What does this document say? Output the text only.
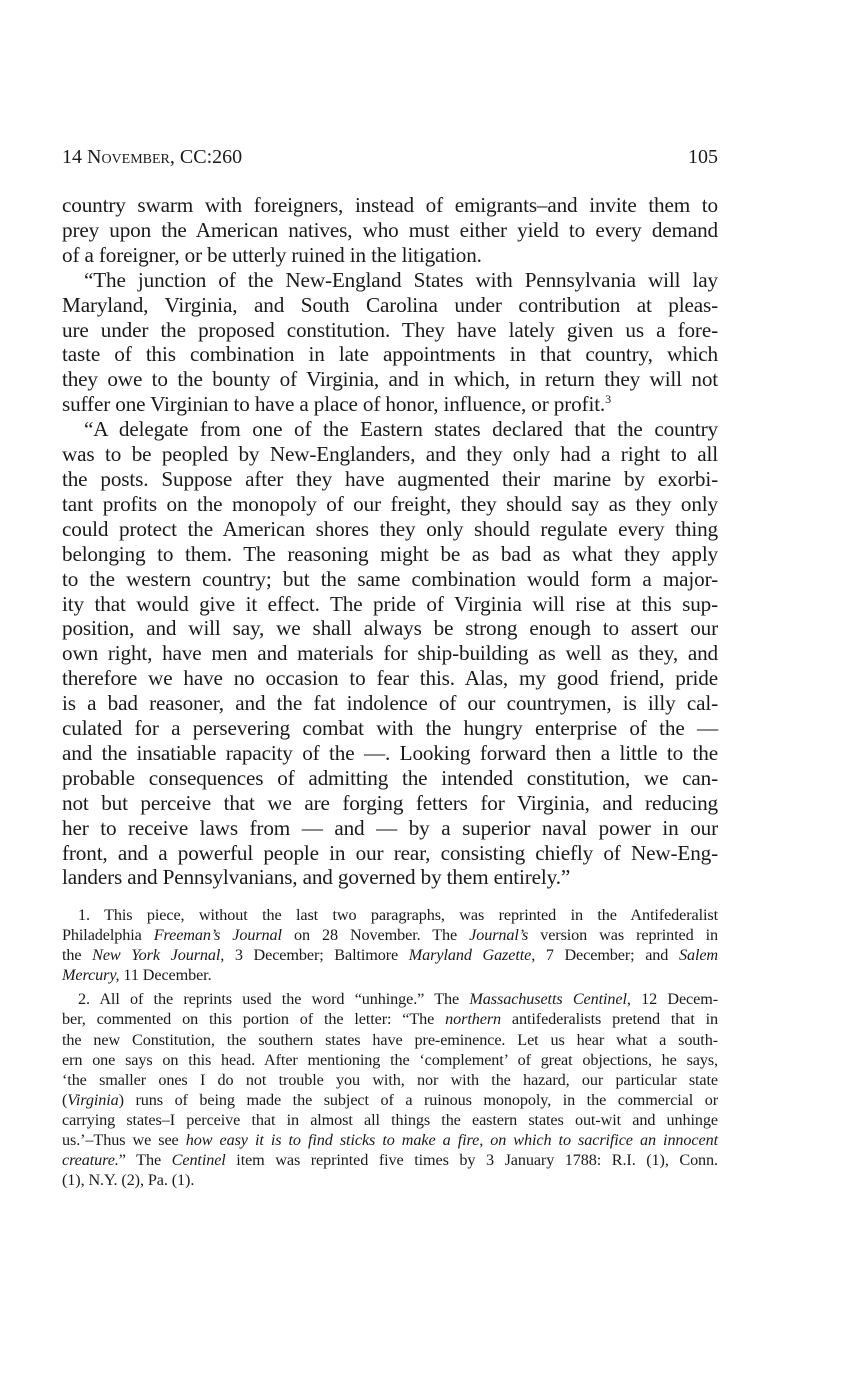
14 November, CC:260	105
country swarm with foreigners, instead of emigrants–and invite them to
prey upon the American natives, who must either yield to every demand
of a foreigner, or be utterly ruined in the litigation.
“The junction of the New-England States with Pennsylvania will lay
Maryland, Virginia, and South Carolina under contribution at pleas-
ure under the proposed constitution. They have lately given us a fore-
taste of this combination in late appointments in that country, which
they owe to the bounty of Virginia, and in which, in return they will not
suffer one Virginian to have a place of honor, influence, or profit.$^3$
“A delegate from one of the Eastern states declared that the country
was to be peopled by New-Englanders, and they only had a right to all
the posts. Suppose after they have augmented their marine by exorbi-
tant profits on the monopoly of our freight, they should say as they only
could protect the American shores they only should regulate every thing
belonging to them. The reasoning might be as bad as what they apply
to the western country; but the same combination would form a major-
ity that would give it effect. The pride of Virginia will rise at this sup-
position, and will say, we shall always be strong enough to assert our
own right, have men and materials for ship-building as well as they, and
therefore we have no occasion to fear this. Alas, my good friend, pride
is a bad reasoner, and the fat indolence of our countrymen, is illy cal-
culated for a persevering combat with the hungry enterprise of the —
and the insatiable rapacity of the —. Looking forward then a little to the
probable consequences of admitting the intended constitution, we can-
not but perceive that we are forging fetters for Virginia, and reducing
her to receive laws from — and — by a superior naval power in our
front, and a powerful people in our rear, consisting chiefly of New-Eng-
landers and Pennsylvanians, and governed by them entirely.”
1. This piece, without the last two paragraphs, was reprinted in the Antifederalist
Philadelphia Freeman’s Journal on 28 November. The Journal’s version was reprinted in
the New York Journal, 3 December; Baltimore Maryland Gazette, 7 December; and Salem
Mercury, 11 December.
2. All of the reprints used the word “unhinge.” The Massachusetts Centinel, 12 Decem-
ber, commented on this portion of the letter: “The northern antifederalists pretend that in
the new Constitution, the southern states have pre-eminence. Let us hear what a south-
ern one says on this head. After mentioning the ‘complement’ of great objections, he says,
‘the smaller ones I do not trouble you with, nor with the hazard, our particular state
(Virginia) runs of being made the subject of a ruinous monopoly, in the commercial or
carrying states–I perceive that in almost all things the eastern states out-wit and unhinge
us.’–Thus we see how easy it is to find sticks to make a fire, on which to sacrifice an innocent
creature.” The Centinel item was reprinted five times by 3 January 1788: R.I. (1), Conn.
(1), N.Y. (2), Pa. (1).
